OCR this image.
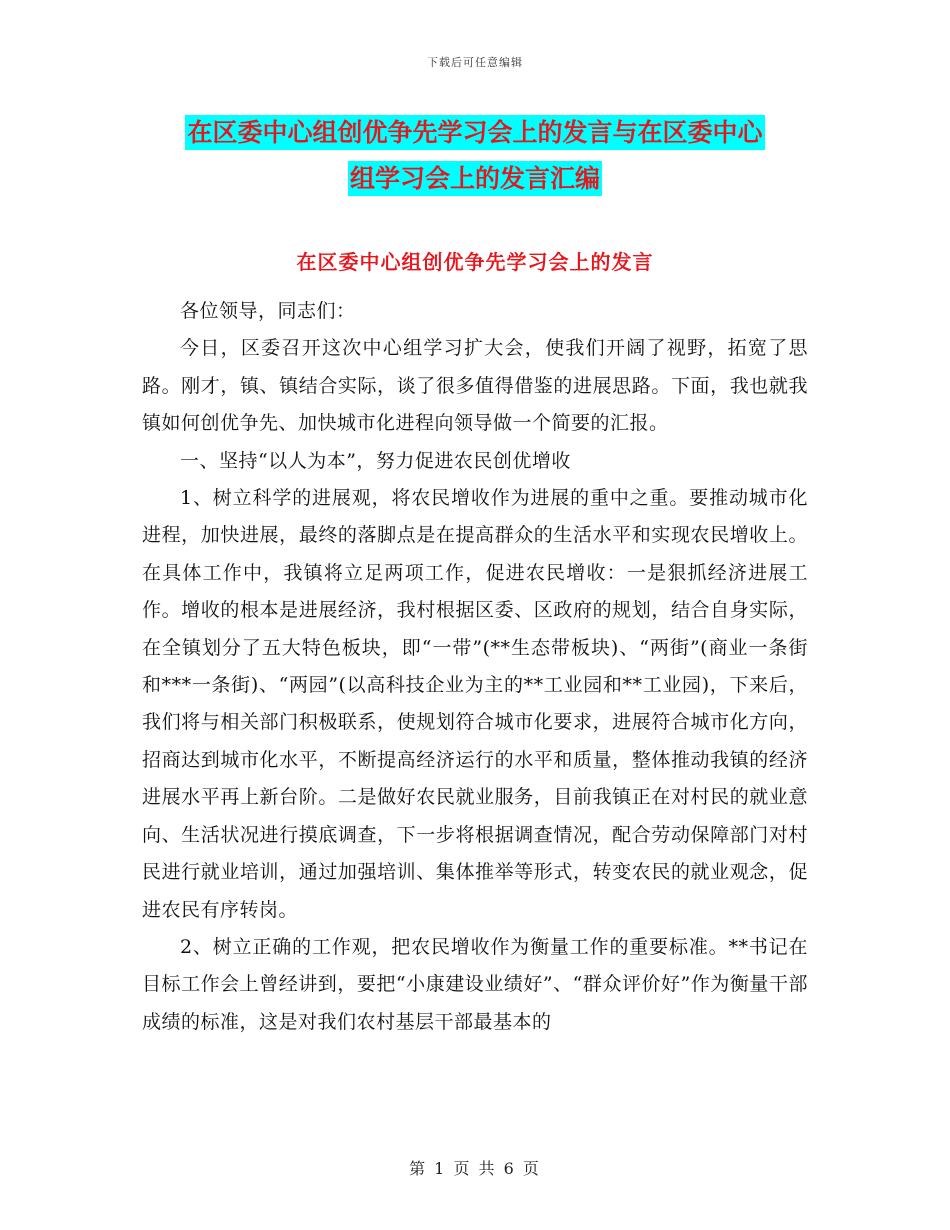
下载后可任意编辑
在区委中心组创优争先学习会上的发言与在区委中心
组学习会上的发言汇编
在区委中心组创优争先学习会上的发言

各位领导，同志们：

今日，区委召开这次中心组学习扩大会，使我们开阔了视野，拓宽了思路。刚才，镇、镇结合实际，谈了很多值得借鉴的进展思路。下面，我也就我镇如何创优争先、加快城市化进程向领导做一个简要的汇报。

一、坚持“以人为本”，努力促进农民创优增收

1、树立科学的进展观，将农民增收作为进展的重中之重。要推动城市化进程，加快进展，最终的落脚点是在提高群众的生活水平和实现农民增收上。在具体工作中，我镇将立足两项工作，促进农民增收：一是狠抓经济进展工作。增收的根本是进展经济，我村根据区委、区政府的规划，结合自身实际，在全镇划分了五大特色板块，即“一带”(**生态带板块)、“两街”(商业一条街和***一条街)、“两园”(以高科技企业为主的**工业园和**工业园)，下来后，我们将与相关部门积极联系，使规划符合城市化要求，进展符合城市化方向，招商达到城市化水平，不断提高经济运行的水平和质量，整体推动我镇的经济进展水平再上新台阶。二是做好农民就业服务，目前我镇正在对村民的就业意向、生活状况进行摸底调查，下一步将根据调查情况，配合劳动保障部门对村民进行就业培训，通过加强培训、集体推举等形式，转变农民的就业观念，促进农民有序转岗。

2、树立正确的工作观，把农民增收作为衡量工作的重要标准。**书记在目标工作会上曾经讲到，要把“小康建设业绩好”、“群众评价好”作为衡量干部成绩的标准，这是对我们农村基层干部最基本的

第 1 页 共 6 页
